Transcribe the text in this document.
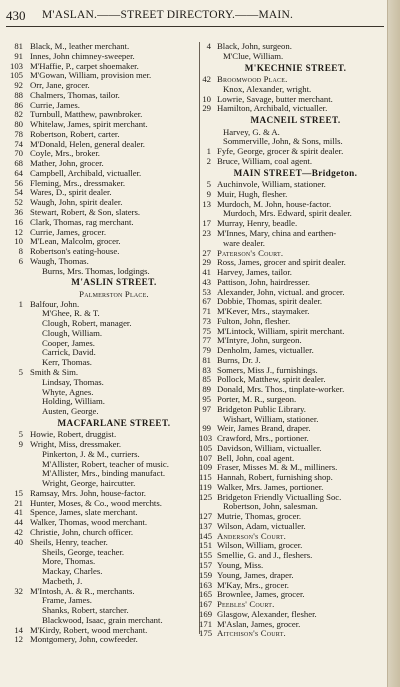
430 M'ASLAN.——STREET DIRECTORY.——MAIN.
81 Black, M., leather merchant.
91 Innes, John chimney-sweeper.
103 M'Haffie, P., carpet shoemaker.
105 M'Gowan, William, provision mer.
92 Orr, Jane, grocer.
88 Chalmers, Thomas, tailor.
86 Currie, James.
82 Turnbull, Matthew, pawnbroker.
80 Whitelaw, James, spirit merchant.
78 Robertson, Robert, carter.
74 M'Donald, Helen, general dealer.
70 Coyle, Mrs., broker.
68 Mather, John, grocer.
64 Campbell, Archibald, victualler.
56 Fleming, Mrs., dressmaker.
54 Wares, D., spirit dealer.
52 Waugh, John, spirit dealer.
36 Stewart, Robert, & Son, slaters.
16 Clark, Thomas, rag merchant.
12 Currie, James, grocer.
10 M'Lean, Malcolm, grocer.
8 Robertson's eating-house.
6 Waugh, Thomas.
Burns, Mrs. Thomas, lodgings.
M'ASLIN STREET.
Palmerston Place.
1 Balfour, John.
M'Ghee, R. & T.
Clough, Robert, manager.
Clough, William.
Cooper, James.
Carrick, David.
Kerr, Thomas.
5 Smith & Sim.
Lindsay, Thomas.
Whyte, Agnes.
Holding, William.
Austen, George.
MACFARLANE STREET.
5 Howie, Robert, druggist.
9 Wright, Miss, dressmaker.
Pinkerton, J. & M., curriers.
M'Allister, Robert, teacher of music.
M'Allister, Mrs., binding manufact.
Wright, George, haircutter.
15 Ramsay, Mrs. John, house-factor.
21 Hunter, Moses, & Co., wood merchts.
41 Spence, James, slate merchant.
44 Walker, Thomas, wood merchant.
42 Christie, John, church officer.
40 Sheils, Henry, teacher.
Sheils, George, teacher.
More, Thomas.
Mackay, Charles.
Macbeth, J.
32 M'Intosh, A. & R., merchants.
Frame, James.
Shanks, Robert, starcher.
Blackwood, Isaac, grain merchant.
14 M'Kirdy, Robert, wood merchant.
12 Montgomery, John, cowfeeder.
4 Black, John, surgeon.
M'Clue, William.
M'KECHNIE STREET.
42 Broomwood Place.
Knox, Alexander, wright.
10 Lowrie, Savage, butter merchant.
29 Hamilton, Archibald, victualler.
MACNEIL STREET.
Harvey, G. & A.
Sommerville, John, & Sons, mills.
1 Fyfe, George, grocer & spirit dealer.
2 Bruce, William, coal agent.
MAIN STREET—Bridgeton.
5 Auchinvole, William, stationer.
9 Muir, Hugh, flesher.
13 Murdoch, M. John, house-factor.
Murdoch, Mrs. Edward, spirit dealer.
17 Murray, Henry, beadle.
23 M'Innes, Mary, china and earthen-
ware dealer.
27 Paterson's Court.
29 Ross, James, grocer and spirit dealer.
41 Harvey, James, tailor.
43 Pattison, John, hairdresser.
53 Alexander, John, victual. and grocer.
67 Dobbie, Thomas, spirit dealer.
71 M'Kever, Mrs., staymaker.
73 Fulton, John, flesher.
75 M'Lintock, William, spirit merchant.
77 M'Intyre, John, surgeon.
79 Denholm, James, victualler.
81 Burns, Dr. J.
83 Somers, Miss J., furnishings.
85 Pollock, Matthew, spirit dealer.
89 Donald, Mrs. Thos., tinplate-worker.
95 Porter, M. R., surgeon.
97 Bridgeton Public Library.
Wishart, William, stationer.
99 Weir, James Brand, draper.
103 Crawford, Mrs., portioner.
105 Davidson, William, victualler.
107 Bell, John, coal agent.
109 Fraser, Misses M. & M., milliners.
115 Hannah, Robert, furnishing shop.
119 Walker, Mrs. James, portioner.
125 Bridgeton Friendly Victualling Soc.
Robertson, John, salesman.
127 Mutrie, Thomas, grocer.
137 Wilson, Adam, victualler.
145 Anderson's Court.
151 Wilson, William, grocer.
155 Smellie, G. and J., fleshers.
157 Young, Miss.
159 Young, James, draper.
163 M'Kay, Mrs., grocer.
165 Brownlee, James, grocer.
167 Peebles' Court.
169 Glasgow, Alexander, flesher.
171 M'Aslan, James, grocer.
175 Aitchison's Court.
